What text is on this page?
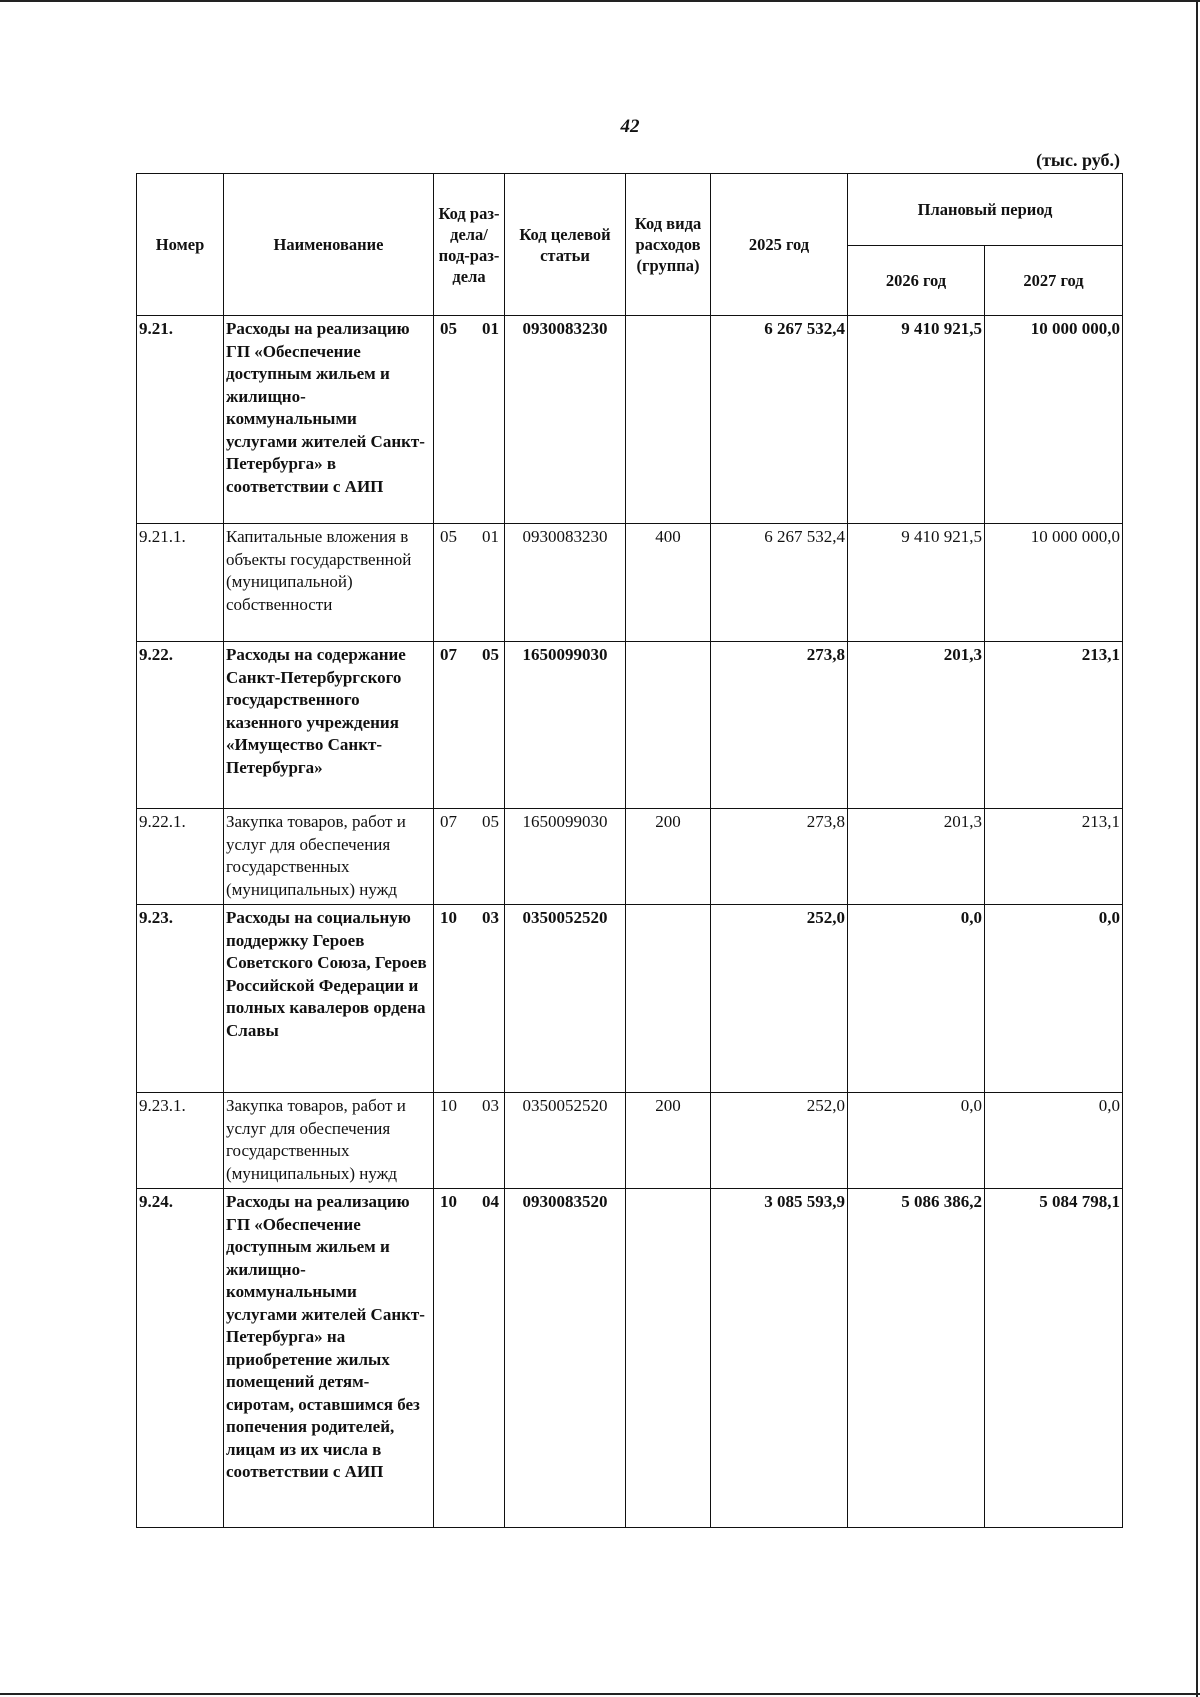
42
(тыс. руб.)
Номер	Наименование	Код раз-дела/ под-раз-дела	Код целевой статьи	Код вида расходов (группа)	2025 год	Плановый период	
						2026 год	2027 год
9.21.	Расходы на реализацию ГП «Обеспечение доступным жильем и жилищно-коммунальными услугами жителей Санкт-Петербурга» в соответствии с АИП	05 01	0930083230		6 267 532,4	9 410 921,5	10 000 000,0
9.21.1.	Капитальные вложения в объекты государственной (муниципальной) собственности	05 01	0930083230	400	6 267 532,4	9 410 921,5	10 000 000,0
9.22.	Расходы на содержание Санкт-Петербургского государственного казенного учреждения «Имущество Санкт-Петербурга»	07 05	1650099030		273,8	201,3	213,1
9.22.1.	Закупка товаров, работ и услуг для обеспечения государственных (муниципальных) нужд	07 05	1650099030	200	273,8	201,3	213,1
9.23.	Расходы на социальную поддержку Героев Советского Союза, Героев Российской Федерации и полных кавалеров ордена Славы	10 03	0350052520		252,0	0,0	0,0
9.23.1.	Закупка товаров, работ и услуг для обеспечения государственных (муниципальных) нужд	10 03	0350052520	200	252,0	0,0	0,0
9.24.	Расходы на реализацию ГП «Обеспечение доступным жильем и жилищно-коммунальными услугами жителей Санкт-Петербурга» на приобретение жилых помещений детям-сиротам, оставшимся без попечения родителей, лицам из их числа в соответствии с АИП	10 04	0930083520		3 085 593,9	5 086 386,2	5 084 798,1
